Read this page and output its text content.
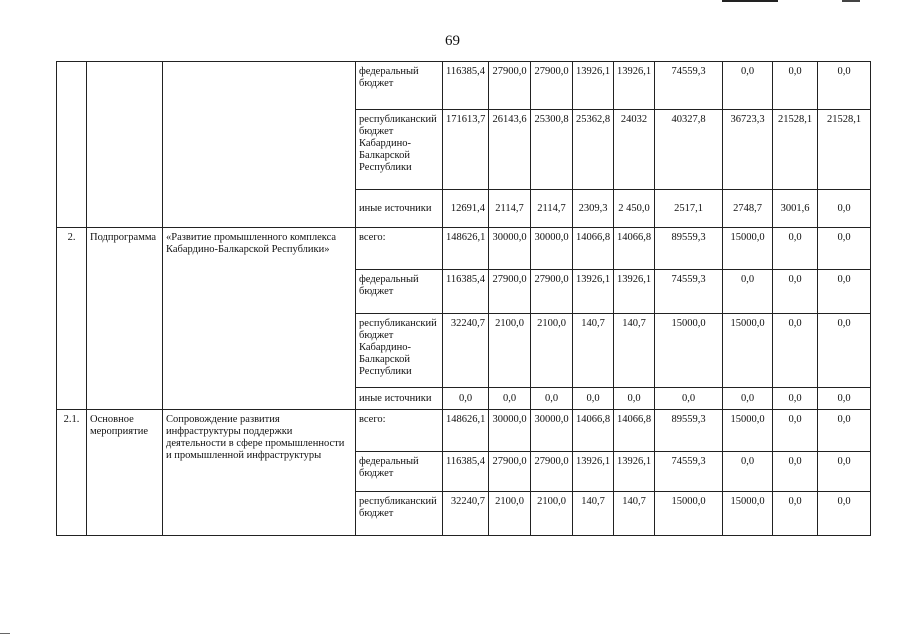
69
			федеральный бюджет	116385,4	27900,0	27900,0	13926,1	13926,1	74559,3	0,0	0,0	0,0
			республиканский бюджет Кабардино-Балкарской Республики	171613,7	26143,6	25300,8	25362,8	24032	40327,8	36723,3	21528,1	21528,1
			иные источники	12691,4	2114,7	2114,7	2309,3	2 450,0	2517,1	2748,7	3001,6	0,0
2.	Подпрограмма	«Развитие промышленного комплекса Кабардино-Балкарской Республики»	всего:	148626,1	30000,0	30000,0	14066,8	14066,8	89559,3	15000,0	0,0	0,0
			федеральный бюджет	116385,4	27900,0	27900,0	13926,1	13926,1	74559,3	0,0	0,0	0,0
			республиканский бюджет Кабардино-Балкарской Республики	32240,7	2100,0	2100,0	140,7	140,7	15000,0	15000,0	0,0	0,0
			иные источники	0,0	0,0	0,0	0,0	0,0	0,0	0,0	0,0	0,0
2.1.	Основное мероприятие	Сопровождение развития инфраструктуры поддержки деятельности в сфере промышленности и промышленной инфраструктуры	всего:	148626,1	30000,0	30000,0	14066,8	14066,8	89559,3	15000,0	0,0	0,0
			федеральный бюджет	116385,4	27900,0	27900,0	13926,1	13926,1	74559,3	0,0	0,0	0,0
			республиканский бюджет	32240,7	2100,0	2100,0	140,7	140,7	15000,0	15000,0	0,0	0,0
